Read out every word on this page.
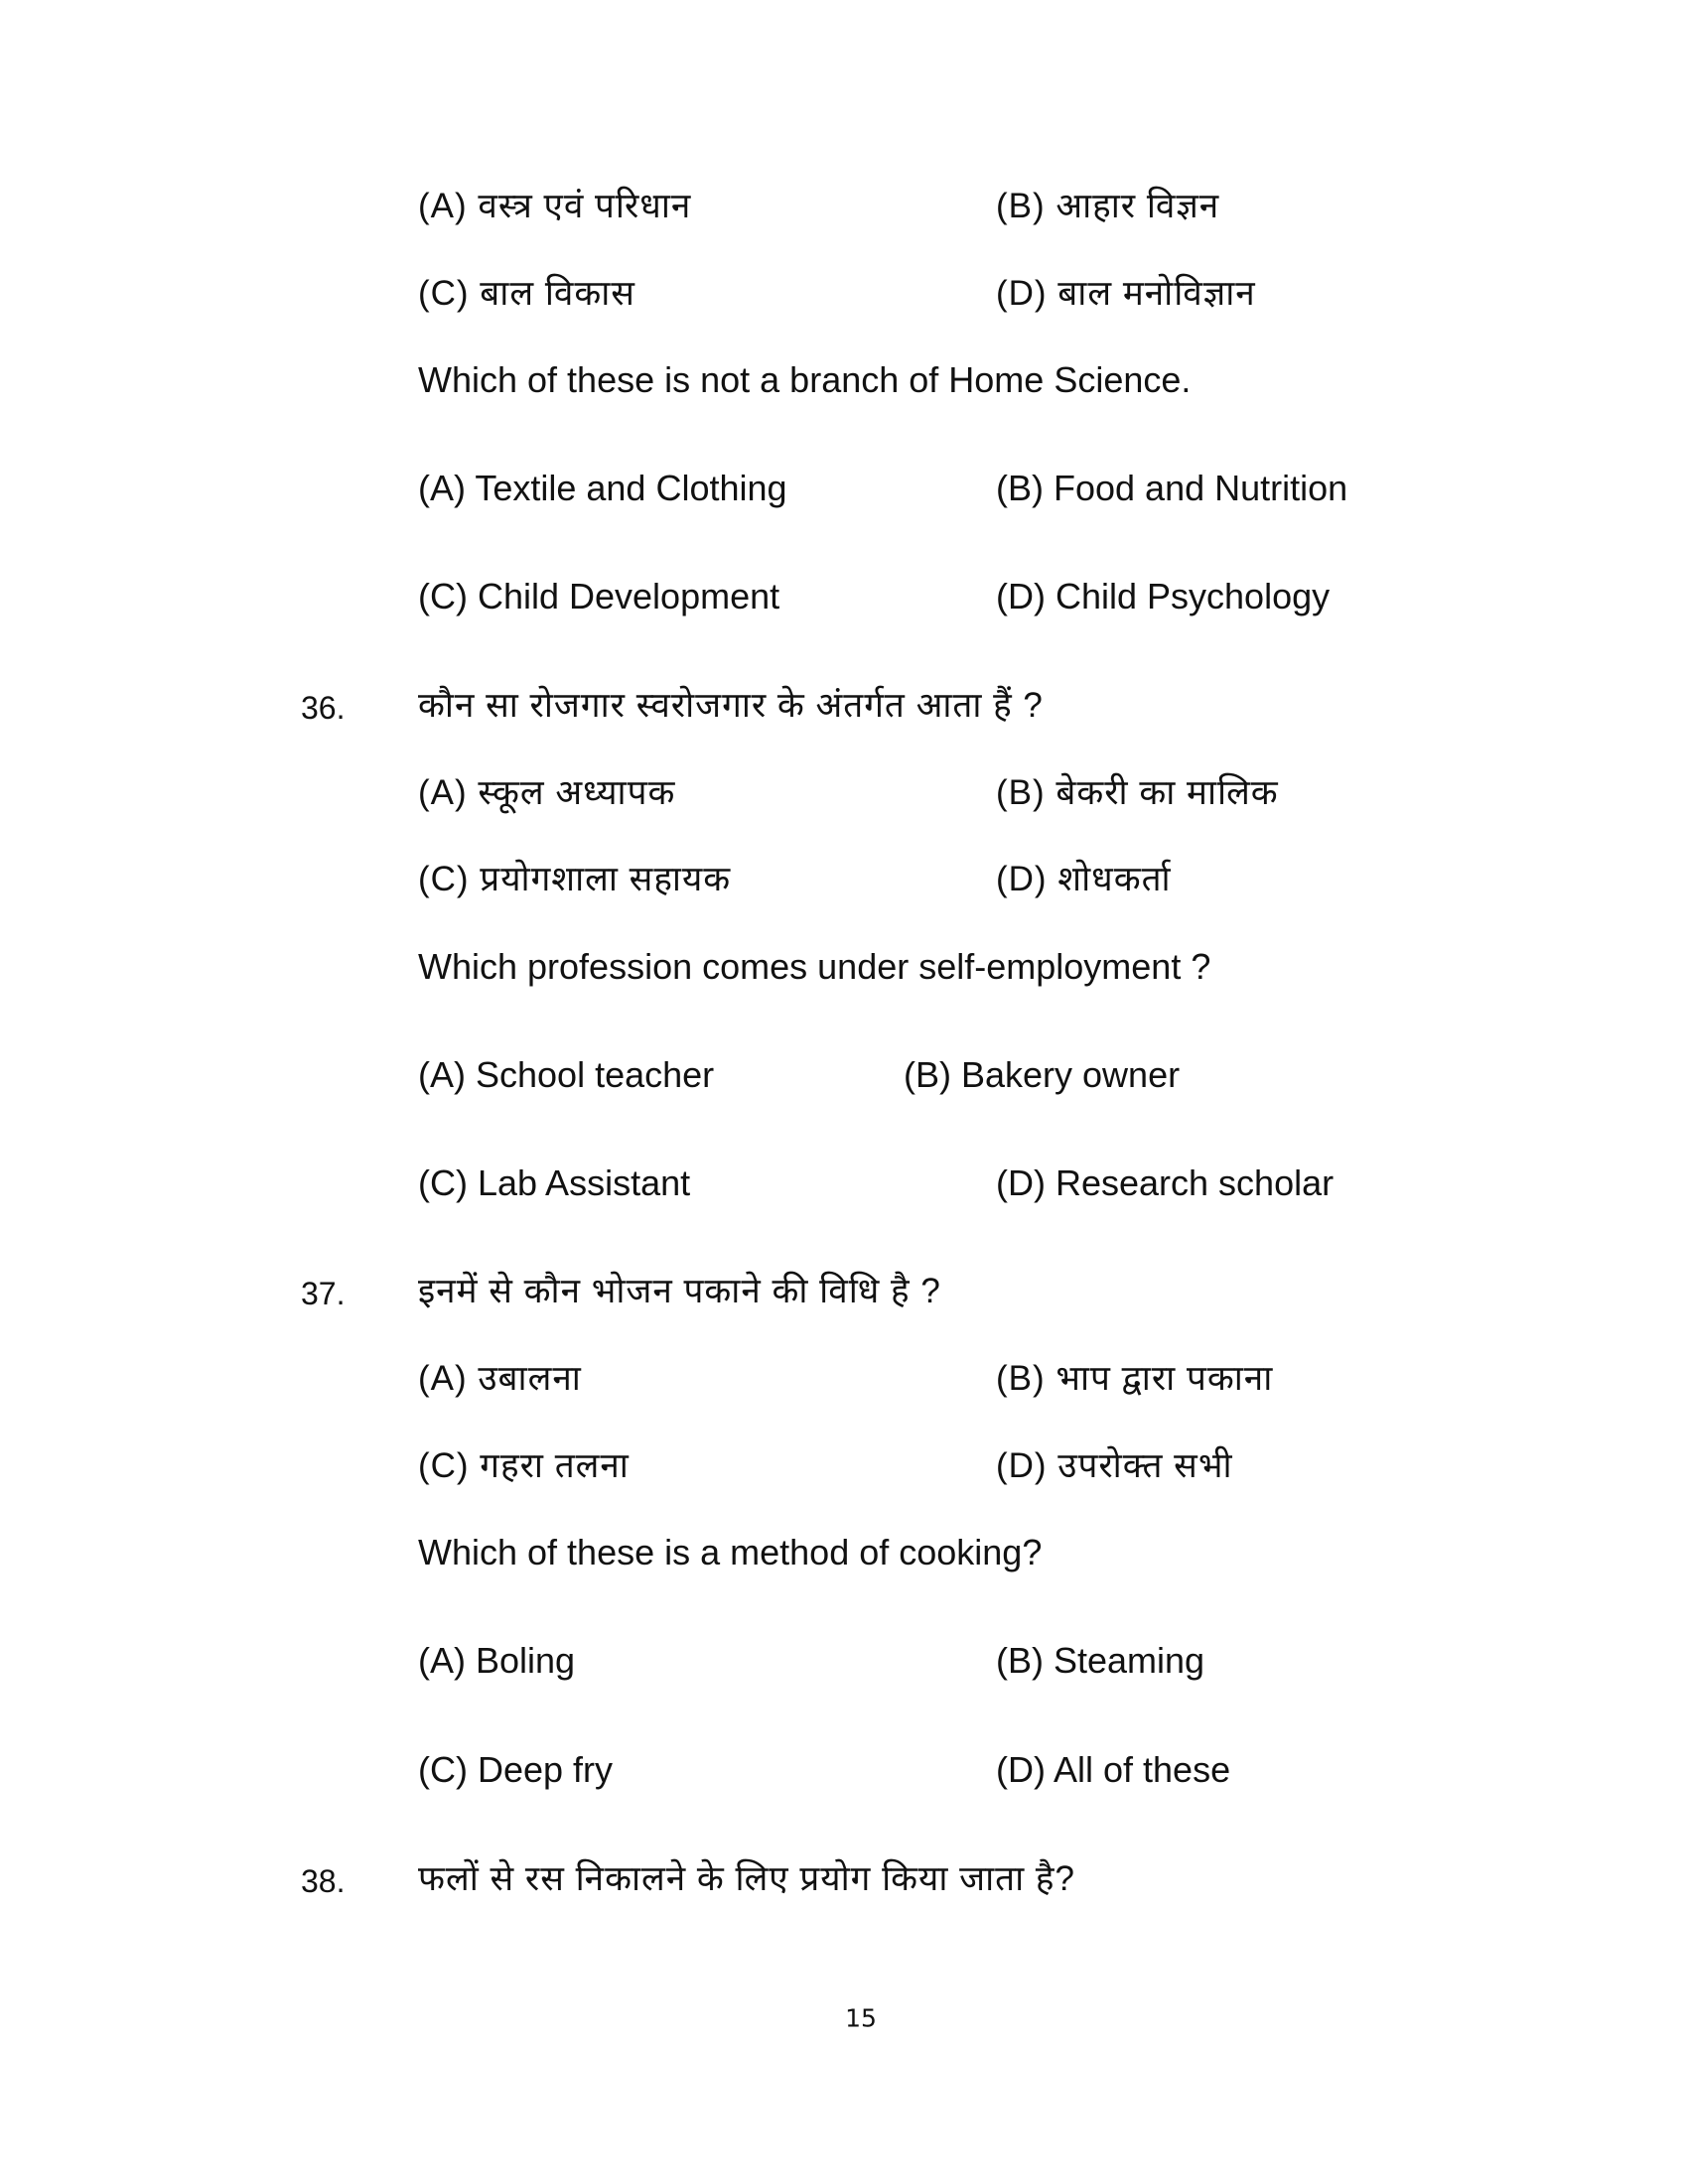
(A) वस्त्र एवं परिधान	(B) आहार विज्ञन
(C) बाल विकास	(D) बाल मनोविज्ञान
Which of these is not a branch of Home Science.
(A) Textile and Clothing	(B) Food and Nutrition
(C) Child Development	(D) Child Psychology
36. कौन सा रोजगार स्वरोजगार के अंतर्गत आता हैं ?
(A) स्कूल अध्यापक	(B) बेकरी का मालिक
(C) प्रयोगशाला सहायक	(D) शोधकर्ता
Which profession comes under self-employment ?
(A) School teacher	(B) Bakery owner
(C) Lab Assistant	(D) Research scholar
37. इनमें से कौन भोजन पकाने की विधि है ?
(A) उबालना	(B) भाप द्वारा पकाना
(C) गहरा तलना	(D) उपरोक्त सभी
Which of these is a method of cooking?
(A) Boling	(B) Steaming
(C) Deep fry	(D) All of these
38. फलों से रस निकालने के लिए प्रयोग किया जाता है?
15
